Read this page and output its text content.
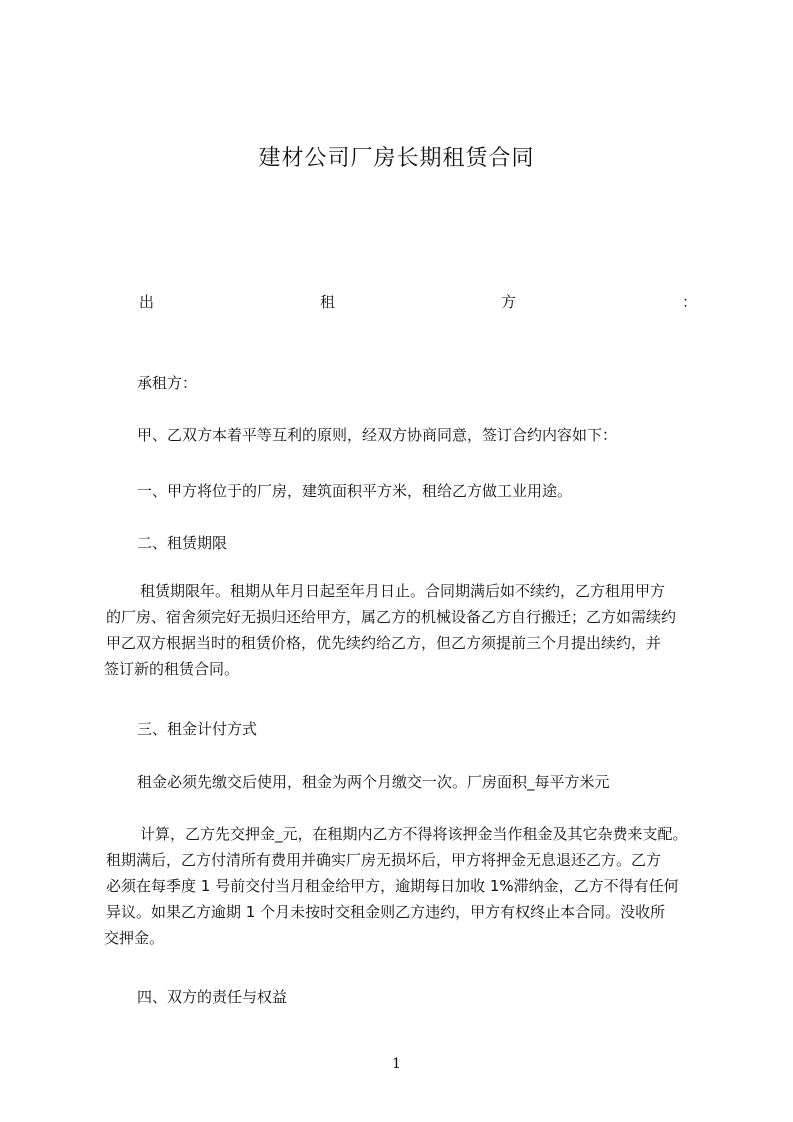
建材公司厂房长期租赁合同
出	租	方	：

承租方：

甲、乙双方本着平等互利的原则，经双方协商同意，签订合约内容如下：

一、甲方将位于的厂房，建筑面积平方米，租给乙方做工业用途。

二、租赁期限

租赁期限年。租期从年月日起至年月日止。合同期满后如不续约，乙方租用甲方
的厂房、宿舍须完好无损归还给甲方，属乙方的机械设备乙方自行搬迁；乙方如需续约
甲乙双方根据当时的租赁价格，优先续约给乙方，但乙方须提前三个月提出续约，并
签订新的租赁合同。

三、租金计付方式

租金必须先缴交后使用，租金为两个月缴交一次。厂房面积_每平方米元

计算，乙方先交押金_元，在租期内乙方不得将该押金当作租金及其它杂费来支配。
租期满后，乙方付清所有费用并确实厂房无损坏后，甲方将押金无息退还乙方。乙方
必须在每季度 1 号前交付当月租金给甲方，逾期每日加收 1%滞纳金，乙方不得有任何
异议。如果乙方逾期 1 个月未按时交租金则乙方违约，甲方有权终止本合同。没收所
交押金。

四、双方的责任与权益

1
